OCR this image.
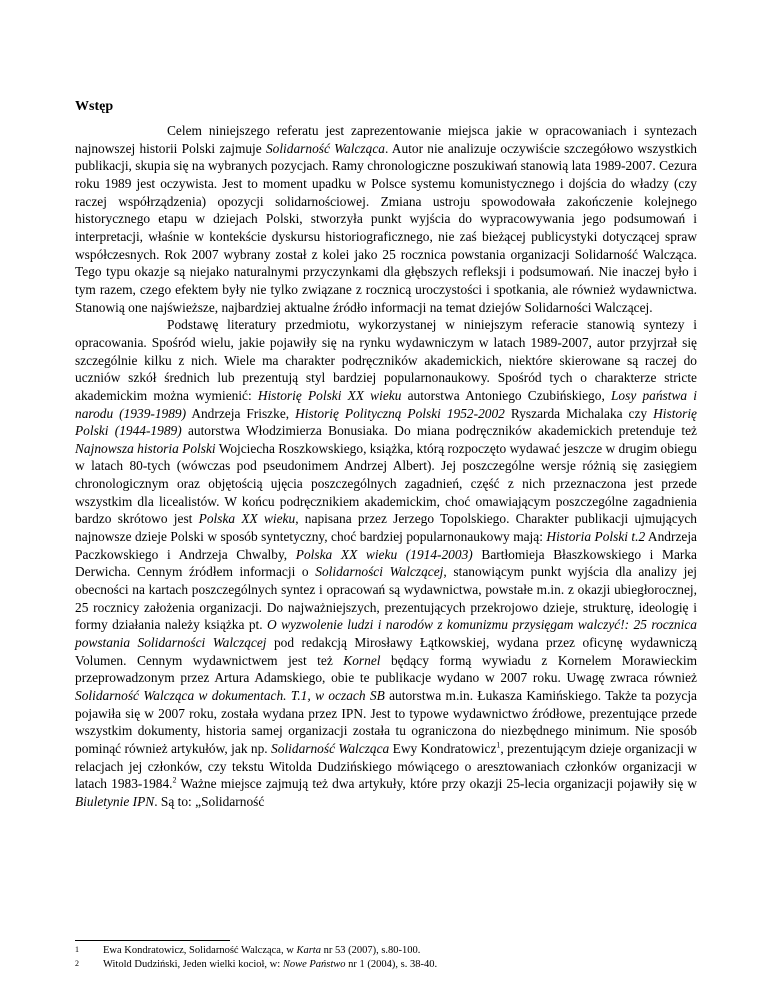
Wstęp

Celem niniejszego referatu jest zaprezentowanie miejsca jakie w opracowaniach i syntezach najnowszej historii Polski zajmuje Solidarność Walcząca. Autor nie analizuje oczywiście szczegółowo wszystkich publikacji, skupia się na wybranych pozycjach. Ramy chronologiczne poszukiwań stanowią lata 1989-2007. Cezura roku 1989 jest oczywista. Jest to moment upadku w Polsce systemu komunistycznego i dojścia do władzy (czy raczej współrządzenia) opozycji solidarnościowej. Zmiana ustroju spowodowała zakończenie kolejnego historycznego etapu w dziejach Polski, stworzyła punkt wyjścia do wypracowywania jego podsumowań i interpretacji, właśnie w kontekście dyskursu historiograficznego, nie zaś bieżącej publicystyki dotyczącej spraw współczesnych. Rok 2007 wybrany został z kolei jako 25 rocznica powstania organizacji Solidarność Walcząca. Tego typu okazje są niejako naturalnymi przyczynkami dla głębszych refleksji i podsumowań. Nie inaczej było i tym razem, czego efektem były nie tylko związane z rocznicą uroczystości i spotkania, ale również wydawnictwa. Stanowią one najświeższe, najbardziej aktualne źródło informacji na temat dziejów Solidarności Walczącej.

Podstawę literatury przedmiotu, wykorzystanej w niniejszym referacie stanowią syntezy i opracowania. Spośród wielu, jakie pojawiły się na rynku wydawniczym w latach 1989-2007, autor przyjrzał się szczególnie kilku z nich. Wiele ma charakter podręczników akademickich, niektóre skierowane są raczej do uczniów szkół średnich lub prezentują styl bardziej popularnonaukowy. Spośród tych o charakterze stricte akademickim można wymienić: Historię Polski XX wieku autorstwa Antoniego Czubińskiego, Losy państwa i narodu (1939-1989) Andrzeja Friszke, Historię Polityczną Polski 1952-2002 Ryszarda Michalaka czy Historię Polski (1944-1989) autorstwa Włodzimierza Bonusiaka. Do miana podręczników akademickich pretenduje też Najnowsza historia Polski Wojciecha Roszkowskiego, książka, którą rozpoczęto wydawać jeszcze w drugim obiegu w latach 80-tych (wówczas pod pseudonimem Andrzej Albert). Jej poszczególne wersje różnią się zasięgiem chronologicznym oraz objętością ujęcia poszczególnych zagadnień, część z nich przeznaczona jest przede wszystkim dla licealistów. W końcu podręcznikiem akademickim, choć omawiającym poszczególne zagadnienia bardzo skrótowo jest Polska XX wieku, napisana przez Jerzego Topolskiego. Charakter publikacji ujmujących najnowsze dzieje Polski w sposób syntetyczny, choć bardziej popularnonaukowy mają: Historia Polski t.2 Andrzeja Paczkowskiego i Andrzeja Chwalby, Polska XX wieku (1914-2003) Bartłomieja Błaszkowskiego i Marka Derwicha. Cennym źródłem informacji o Solidarności Walczącej, stanowiącym punkt wyjścia dla analizy jej obecności na kartach poszczególnych syntez i opracowań są wydawnictwa, powstałe m.in. z okazji ubiegłorocznej, 25 rocznicy założenia organizacji. Do najważniejszych, prezentujących przekrojowo dzieje, strukturę, ideologię i formy działania należy książka pt. O wyzwolenie ludzi i narodów z komunizmu przysięgam walczyć!: 25 rocznica powstania Solidarności Walczącej pod redakcją Mirosławy Łątkowskiej, wydana przez oficynę wydawniczą Volumen. Cennym wydawnictwem jest też Kornel będący formą wywiadu z Kornelem Morawieckim przeprowadzonym przez Artura Adamskiego, obie te publikacje wydano w 2007 roku. Uwagę zwraca również Solidarność Walcząca w dokumentach. T.1, w oczach SB autorstwa m.in. Łukasza Kamińskiego. Także ta pozycja pojawiła się w 2007 roku, została wydana przez IPN. Jest to typowe wydawnictwo źródłowe, prezentujące przede wszystkim dokumenty, historia samej organizacji została tu ograniczona do niezbędnego minimum. Nie sposób pominąć również artykułów, jak np. Solidarność Walcząca Ewy Kondratowicz$^1$, prezentującym dzieje organizacji w relacjach jej członków, czy tekstu Witolda Dudzińskiego mówiącego o aresztowaniach członków organizacji w latach 1983-1984.$^2$ Ważne miejsce zajmują też dwa artykuły, które przy okazji 25-lecia organizacji pojawiły się w Biuletynie IPN. Są to: „Solidarność

1	Ewa Kondratowicz, Solidarność Walcząca, w Karta nr 53 (2007), s.80-100.
2	Witold Dudziński, Jeden wielki kocioł, w: Nowe Państwo nr 1 (2004), s. 38-40.
